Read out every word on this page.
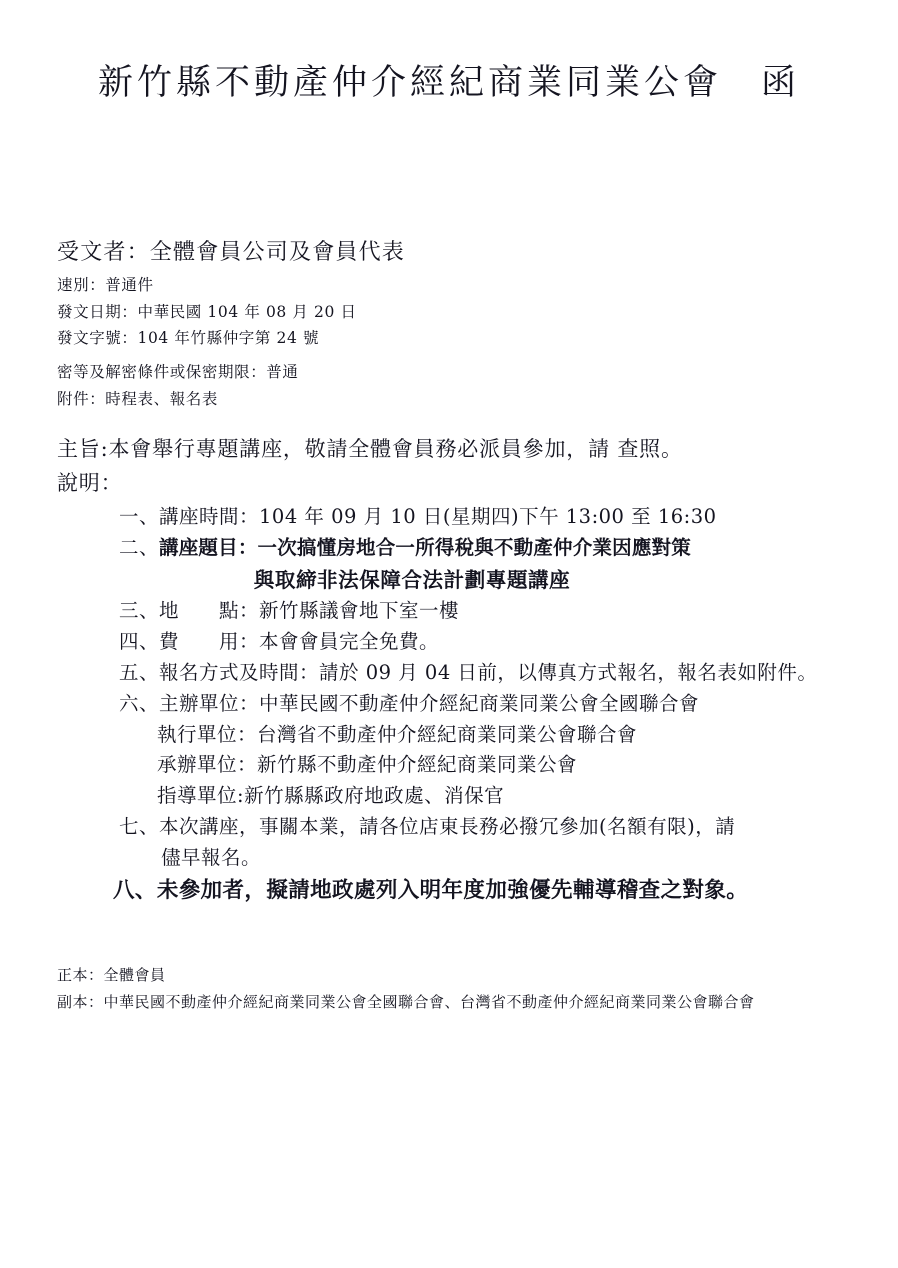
新竹縣不動產仲介經紀商業同業公會　函
受文者：全體會員公司及會員代表
速別：普通件
發文日期：中華民國 104 年 08 月 20 日
發文字號：104 年竹縣仲字第 24 號
密等及解密條件或保密期限：普通
附件：時程表、報名表
主旨:本會舉行專題講座，敬請全體會員務必派員參加，請 查照。
說明：
一、 講座時間：104 年 09 月 10 日(星期四)下午 13:00 至 16:30
二、 講座題目：一次搞懂房地合一所得稅與不動產仲介業因應對策
與取締非法保障合法計劃專題講座
三、 地　　點：新竹縣議會地下室一樓
四、 費　　用：本會會員完全免費。
五、 報名方式及時間：請於 09 月 04 日前，以傳真方式報名，報名表如附件。
六、 主辦單位：中華民國不動產仲介經紀商業同業公會全國聯合會
執行單位：台灣省不動產仲介經紀商業同業公會聯合會
承辦單位：新竹縣不動產仲介經紀商業同業公會
指導單位:新竹縣縣政府地政處、消保官
七、 本次講座，事關本業，請各位店東長務必撥冗參加(名額有限)，請
儘早報名。
八、 未參加者，擬請地政處列入明年度加強優先輔導稽查之對象。
正本：全體會員
副本：中華民國不動產仲介經紀商業同業公會全國聯合會、台灣省不動產仲介經紀商業同業公會聯合會
